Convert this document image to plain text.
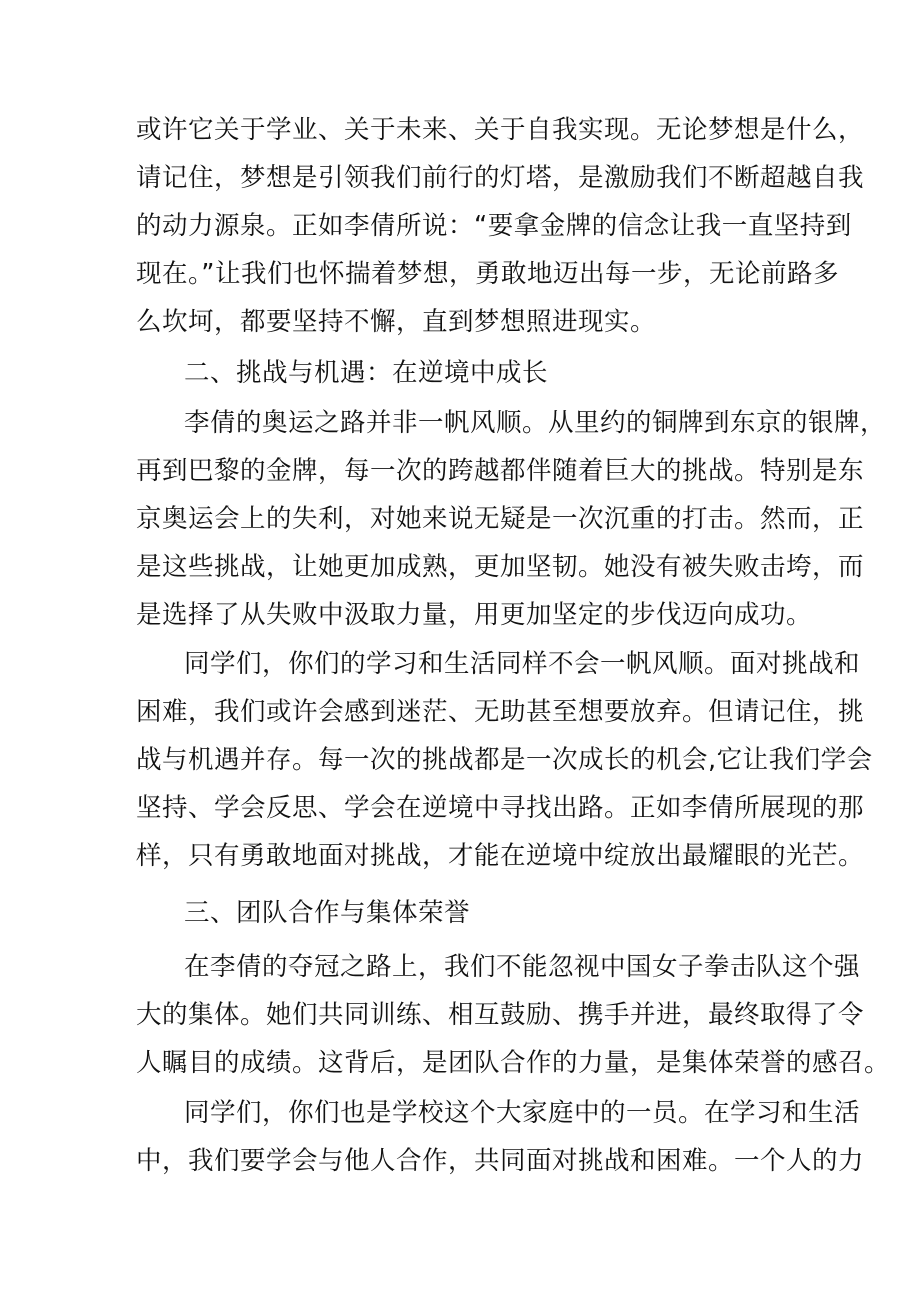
或许它关于学业、关于未来、关于自我实现。无论梦想是什么，
请记住，梦想是引领我们前行的灯塔，是激励我们不断超越自我
的动力源泉。正如李倩所说：“要拿金牌的信念让我一直坚持到
现在。”让我们也怀揣着梦想，勇敢地迈出每一步，无论前路多
么坎坷，都要坚持不懈，直到梦想照进现实。
二、挑战与机遇：在逆境中成长
李倩的奥运之路并非一帆风顺。从里约的铜牌到东京的银牌，
再到巴黎的金牌，每一次的跨越都伴随着巨大的挑战。特别是东
京奥运会上的失利，对她来说无疑是一次沉重的打击。然而，正
是这些挑战，让她更加成熟，更加坚韧。她没有被失败击垮，而
是选择了从失败中汲取力量，用更加坚定的步伐迈向成功。
同学们，你们的学习和生活同样不会一帆风顺。面对挑战和
困难，我们或许会感到迷茫、无助甚至想要放弃。但请记住，挑
战与机遇并存。每一次的挑战都是一次成长的机会,它让我们学会
坚持、学会反思、学会在逆境中寻找出路。正如李倩所展现的那
样，只有勇敢地面对挑战，才能在逆境中绽放出最耀眼的光芒。
三、团队合作与集体荣誉
在李倩的夺冠之路上，我们不能忽视中国女子拳击队这个强
大的集体。她们共同训练、相互鼓励、携手并进，最终取得了令
人瞩目的成绩。这背后，是团队合作的力量，是集体荣誉的感召。
同学们，你们也是学校这个大家庭中的一员。在学习和生活
中，我们要学会与他人合作，共同面对挑战和困难。一个人的力
